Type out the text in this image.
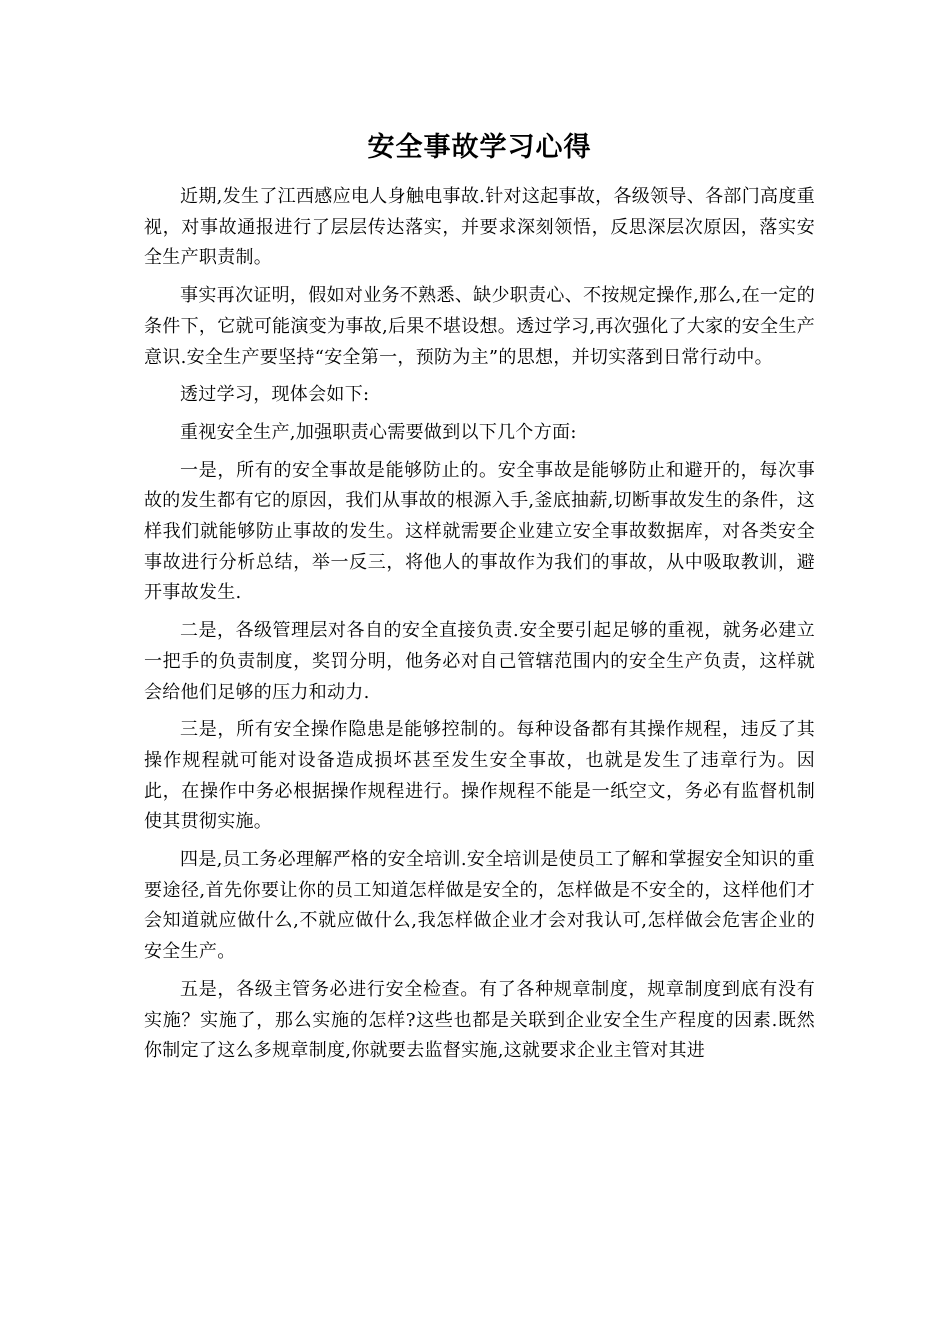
安全事故学习心得

近期,发生了江西感应电人身触电事故.针对这起事故，各级领导、各部门高度重视，对事故通报进行了层层传达落实，并要求深刻领悟，反思深层次原因，落实安全生产职责制。

事实再次证明，假如对业务不熟悉、缺少职责心、不按规定操作,那么,在一定的条件下，它就可能演变为事故,后果不堪设想。透过学习,再次强化了大家的安全生产意识.安全生产要坚持“安全第一，预防为主”的思想，并切实落到日常行动中。

透过学习，现体会如下:

重视安全生产,加强职责心需要做到以下几个方面:

一是，所有的安全事故是能够防止的。安全事故是能够防止和避开的，每次事故的发生都有它的原因，我们从事故的根源入手,釜底抽薪,切断事故发生的条件，这样我们就能够防止事故的发生。这样就需要企业建立安全事故数据库，对各类安全事故进行分析总结，举一反三，将他人的事故作为我们的事故，从中吸取教训，避开事故发生.

二是，各级管理层对各自的安全直接负责.安全要引起足够的重视，就务必建立一把手的负责制度，奖罚分明，他务必对自己管辖范围内的安全生产负责，这样就会给他们足够的压力和动力.

三是，所有安全操作隐患是能够控制的。每种设备都有其操作规程，违反了其操作规程就可能对设备造成损坏甚至发生安全事故，也就是发生了违章行为。因此，在操作中务必根据操作规程进行。操作规程不能是一纸空文，务必有监督机制使其贯彻实施。

四是,员工务必理解严格的安全培训.安全培训是使员工了解和掌握安全知识的重要途径,首先你要让你的员工知道怎样做是安全的，怎样做是不安全的，这样他们才会知道就应做什么,不就应做什么,我怎样做企业才会对我认可,怎样做会危害企业的安全生产。

五是，各级主管务必进行安全检查。有了各种规章制度，规章制度到底有没有实施？实施了，那么实施的怎样?这些也都是关联到企业安全生产程度的因素.既然你制定了这么多规章制度,你就要去监督实施,这就要求企业主管对其进
